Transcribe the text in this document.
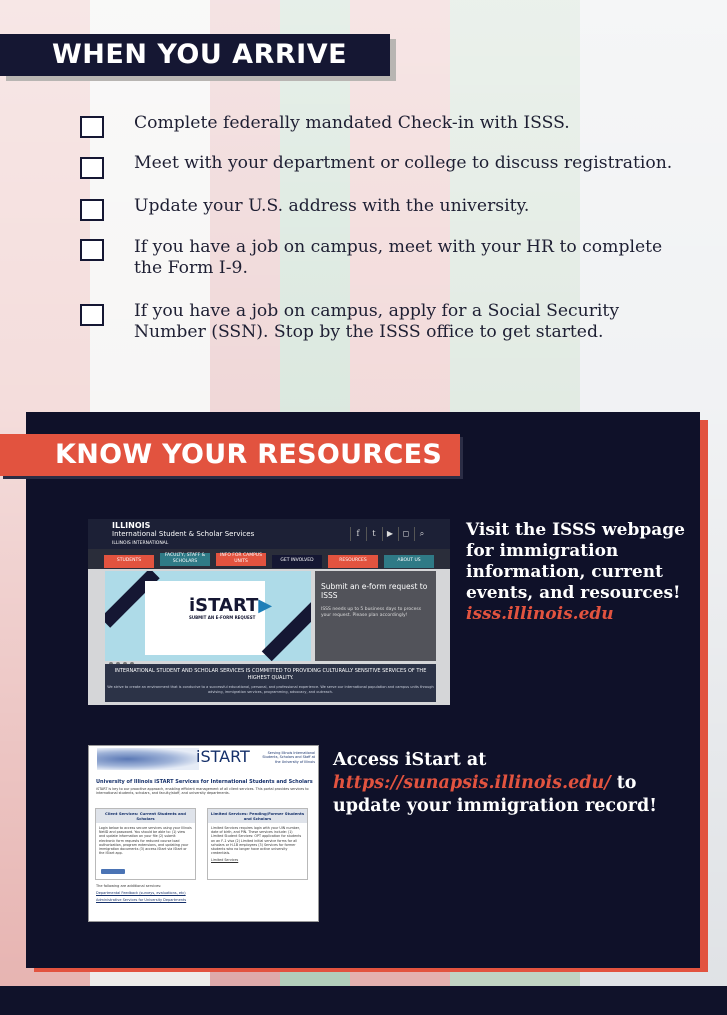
WHEN YOU ARRIVE
Complete federally mandated Check-in with ISSS.
Meet with your department or college to discuss registration.
Update your U.S. address with the university.
If you have a job on campus, meet with your HR to complete the Form I-9.
If you have a job on campus, apply for a Social Security Number (SSN). Stop by the ISSS office to get started.
KNOW YOUR RESOURCES
ILLINOIS
International Student & Scholar Services
ILLINOIS INTERNATIONAL
f	t	▶	◻	⌕
STUDENTS
FACULTY, STAFF & SCHOLARS
INFO FOR CAMPUS UNITS	GET INVOLVED	RESOURCES	ABOUT US
iSTART▶
SUBMIT AN E-FORM REQUEST
Submit an e-form request to ISSS
ISSS needs up to 5 business days to process your request. Please plan accordingly!
INTERNATIONAL STUDENT AND SCHOLAR SERVICES IS COMMITTED TO PROVIDING CULTURALLY SENSITIVE SERVICES OF THE HIGHEST QUALITY.
We strive to create an environment that is conducive to a successful educational, personal, and professional experience. We serve our international population and campus units through advising, immigration services, programming, advocacy, and outreach.
Visit the ISSS webpage for immigration information, current events, and resources!
isss.illinois.edu
iSTART	Serving Illinois International Students, Scholars and Staff at the University of Illinois
University of Illinois iSTART Services for International Students and Scholars
iSTART is key to our proactive approach, enabling efficient management of all client services. This portal provides services to international students, scholars, and faculty/staff, and university departments.
Client Services: Current Students and Scholars
Login below to access secure services using your Illinois NetID and password. You should be able to: (1) view and update information on your file (2) submit electronic form requests for reduced course load authorization, program extensions, and updating your immigration documents (3) access iStart via iStart or the iStart app.
Limited Services: Pending/Former Students and Scholars
Limited Services requires login with your UIN number, date of birth, and PIN. These services include: (1) Limited Student Services: OPT application for students on an F-1 visa (2) Limited initial service forms for all scholars or H-1B employees (3) Services for former students who no longer have active university credentials.
Limited Services
The following are additional services:
Departmental Feedback (surveys, evaluations, etc)
Administrative Services for University Departments
Access iStart at
https://sunapsis.illinois.edu/ to update your immigration record!
